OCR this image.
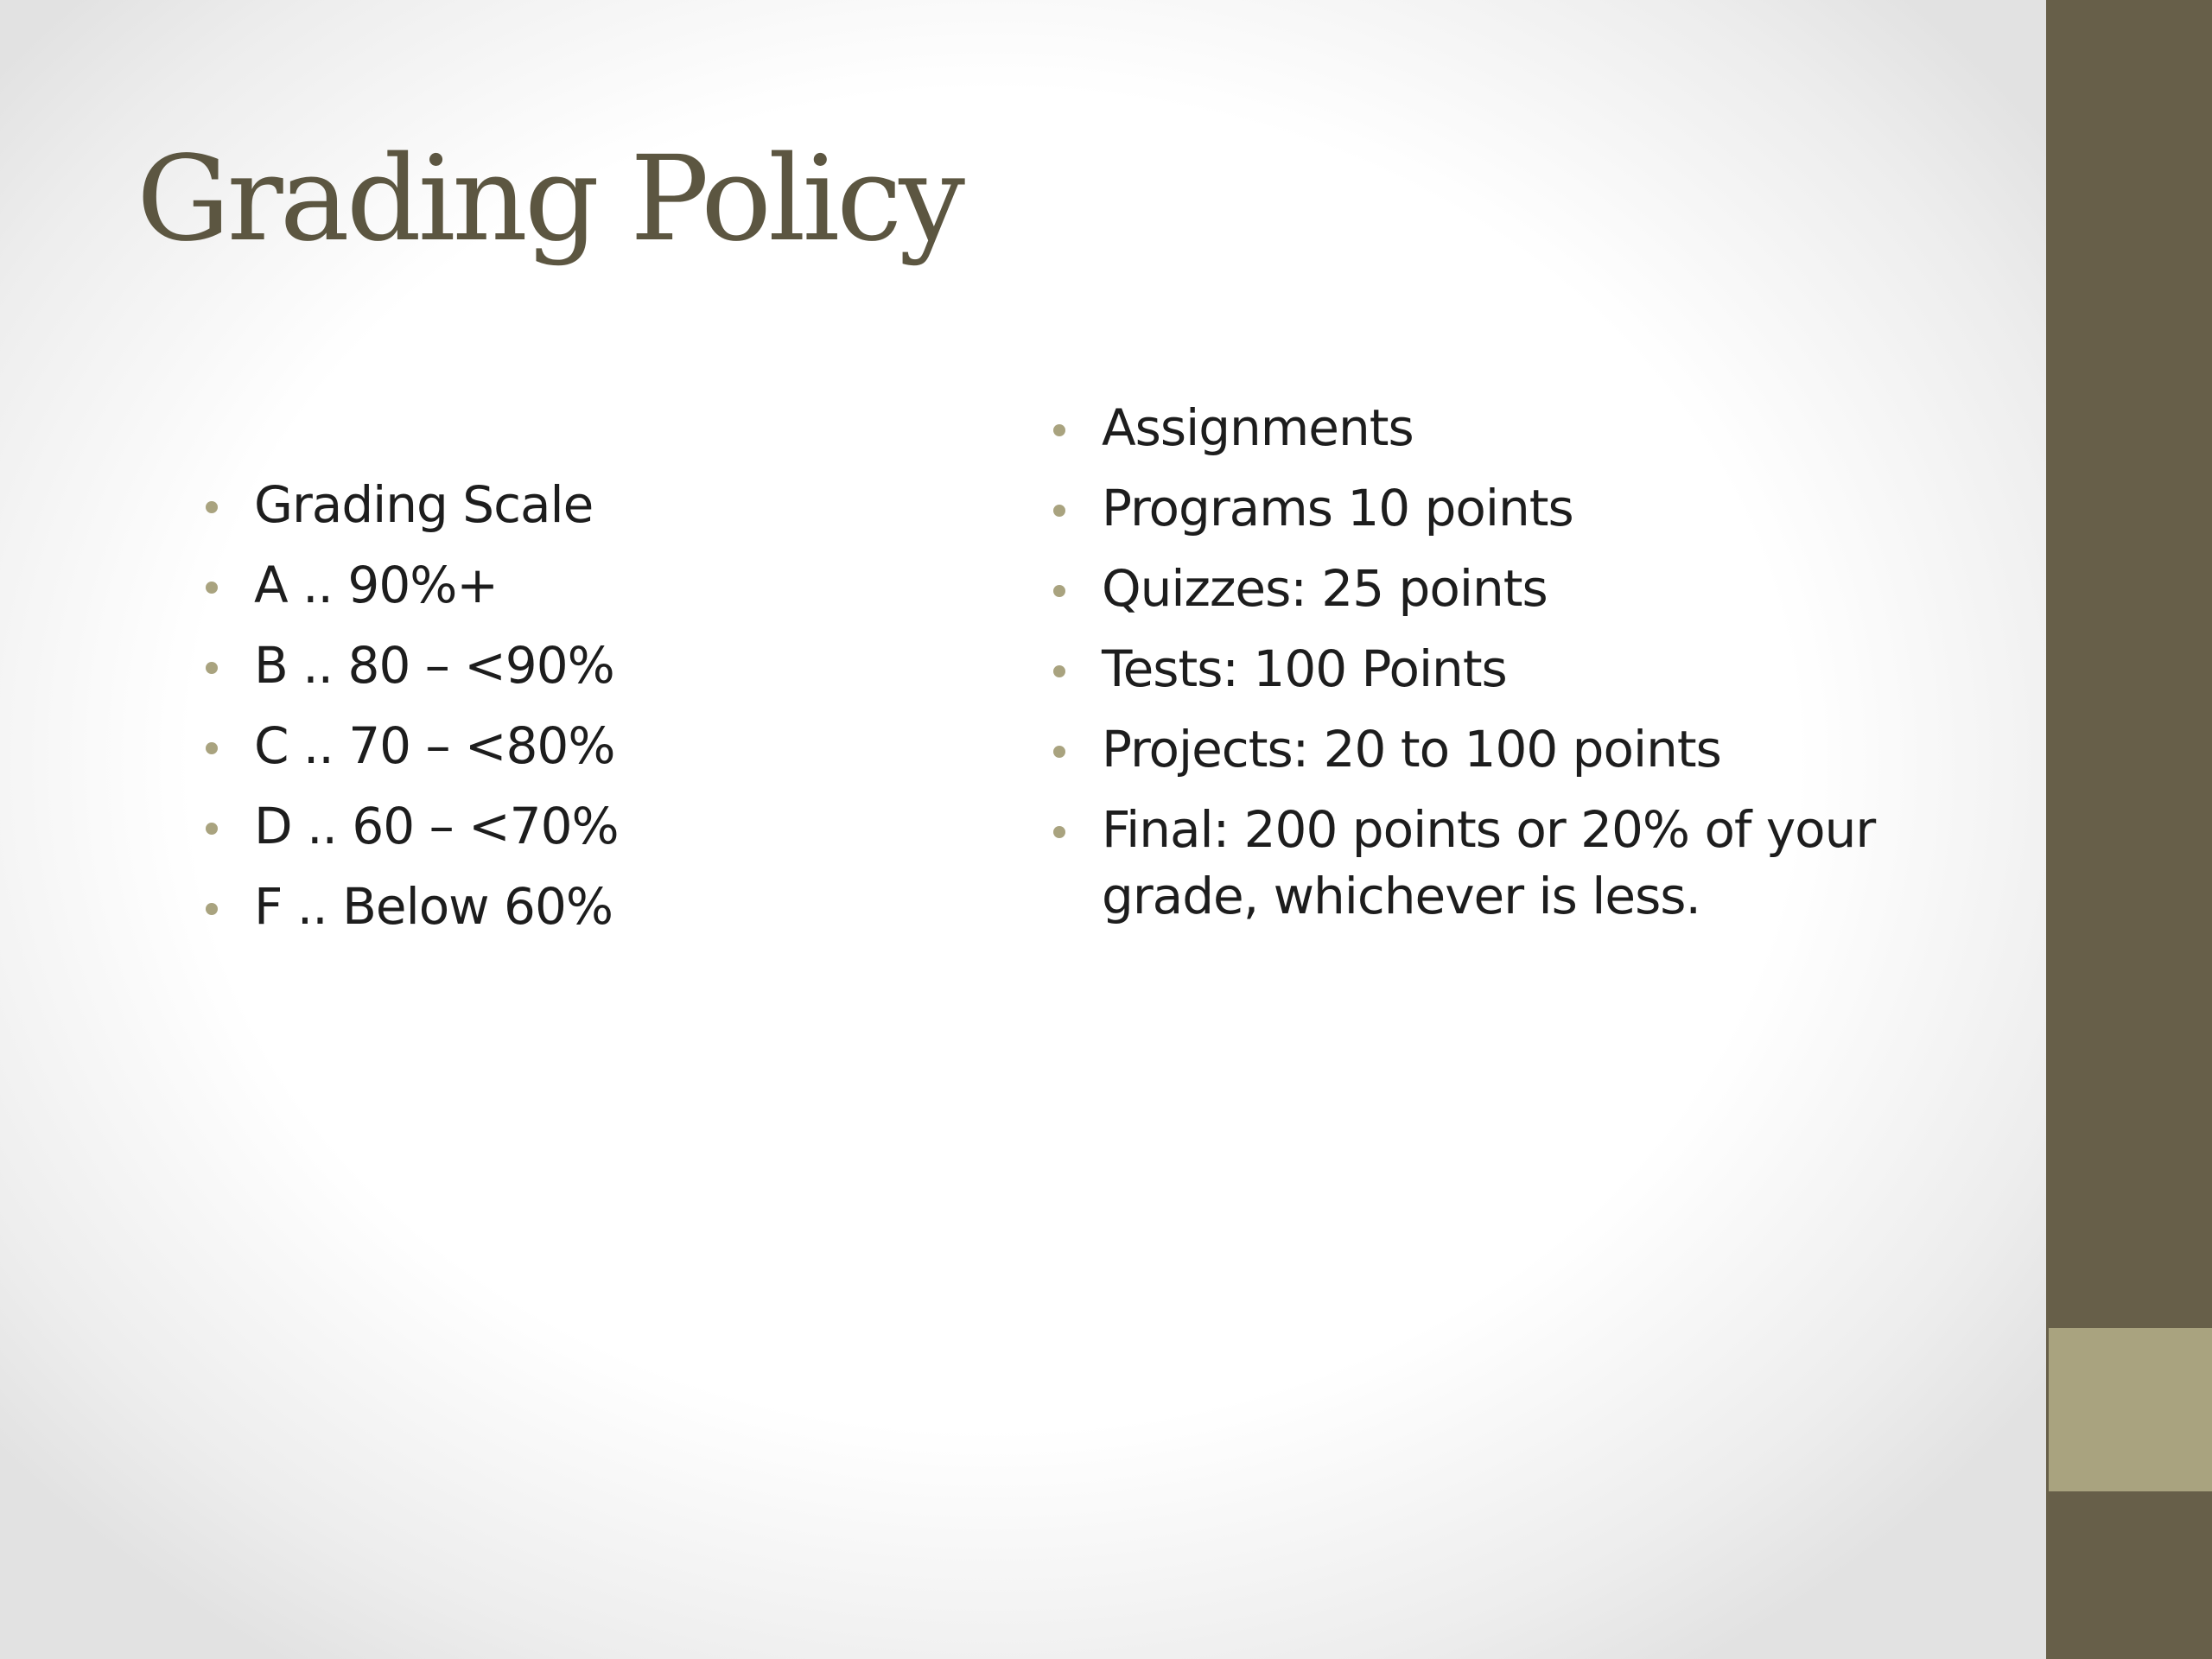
Grading Policy
Grading Scale
A .. 90%+
B .. 80 – <90%
C .. 70 – <80%
D .. 60 – <70%
F .. Below 60%
Assignments
Programs 10 points
Quizzes: 25 points
Tests: 100 Points
Projects: 20 to 100 points
Final: 200 points or 20% of your grade, whichever is less.
